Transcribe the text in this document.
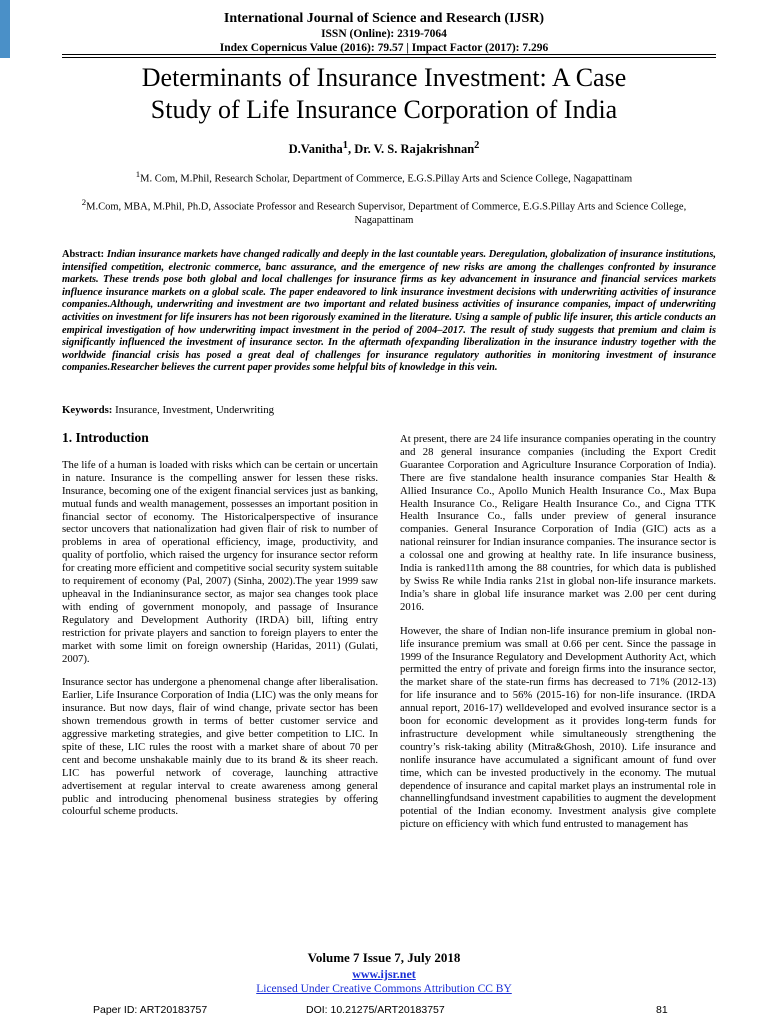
International Journal of Science and Research (IJSR)
ISSN (Online): 2319-7064
Index Copernicus Value (2016): 79.57 | Impact Factor (2017): 7.296
Determinants of Insurance Investment: A Case
Study of Life Insurance Corporation of India
D.Vanitha$^1$, Dr. V. S. Rajakrishnan$^2$
$^1$M. Com, M.Phil, Research Scholar, Department of Commerce, E.G.S.Pillay Arts and Science College, Nagapattinam
$^2$M.Com, MBA, M.Phil, Ph.D, Associate Professor and Research Supervisor, Department of Commerce, E.G.S.Pillay Arts and Science College, Nagapattinam
Abstract: Indian insurance markets have changed radically and deeply in the last countable years. Deregulation, globalization of insurance institutions, intensified competition, electronic commerce, banc assurance, and the emergence of new risks are among the challenges confronted by insurance markets. These trends pose both global and local challenges for insurance firms as key advancement in insurance and financial services markets influence insurance markets on a global scale. The paper endeavored to link insurance investment decisions with underwriting activities of insurance companies.Although, underwriting and investment are two important and related business activities of insurance companies, impact of underwriting activities on investment for life insurers has not been rigorously examined in the literature. Using a sample of public life insurer, this article conducts an empirical investigation of how underwriting impact investment in the period of 2004–2017. The result of study suggests that premium and claim is significantly influenced the investment of insurance sector. In the aftermath ofexpanding liberalization in the insurance industry together with the worldwide financial crisis has posed a great deal of challenges for insurance regulatory authorities in monitoring investment of insurance companies.Researcher believes the current paper provides some helpful bits of knowledge in this vein.
Keywords: Insurance, Investment, Underwriting
1. Introduction

The life of a human is loaded with risks which can be certain or uncertain in nature. Insurance is the compelling answer for lessen these risks. Insurance, becoming one of the exigent financial services just as banking, mutual funds and wealth management, possesses an important position in financial sector of economy. The Historicalperspective of insurance sector uncovers that nationalization had given flair of risk to number of problems in area of operational efficiency, image, productivity, and quality of portfolio, which raised the urgency for insurance sector reform for creating more efficient and competitive social security system suitable to requirement of economy (Pal, 2007) (Sinha, 2002).The year 1999 saw upheaval in the Indianinsurance sector, as major sea changes took place with ending of government monopoly, and passage of Insurance Regulatory and Development Authority (IRDA) bill, lifting entry restriction for private players and sanction to foreign players to enter the market with some limit on foreign ownership (Haridas, 2011) (Gulati, 2007).

Insurance sector has undergone a phenomenal change after liberalisation. Earlier, Life Insurance Corporation of India (LIC) was the only means for insurance. But now days, flair of wind change, private sector has been shown tremendous growth in terms of better customer service and aggressive marketing strategies, and give better competition to LIC. In spite of these, LIC rules the roost with a market share of about 70 per cent and become unshakable mainly due to its brand & its sheer reach. LIC has powerful network of coverage, launching attractive advertisement at regular interval to create awareness among general public and introducing phenomenal business strategies by offering colourful scheme products.

At present, there are 24 life insurance companies operating in the country and 28 general insurance companies (including the Export Credit Guarantee Corporation and Agriculture Insurance Corporation of India). There are five standalone health insurance companies Star Health & Allied Insurance Co., Apollo Munich Health Insurance Co., Max Bupa Health Insurance Co., Religare Health Insurance Co., and Cigna TTK Health Insurance Co., falls under preview of general insurance companies. General Insurance Corporation of India (GIC) acts as a national reinsurer for Indian insurance companies. The insurance sector is a colossal one and growing at healthy rate. In life insurance business, India is ranked11th among the 88 countries, for which data is published by Swiss Re while India ranks 21st in global non-life insurance markets. India’s share in global life insurance market was 2.00 per cent during 2016.

However, the share of Indian non-life insurance premium in global non-life insurance premium was small at 0.66 per cent. Since the passage in 1999 of the Insurance Regulatory and Development Authority Act, which permitted the entry of private and foreign firms into the insurance sector, the market share of the state-run firms has decreased to 71% (2012-13) for life insurance and to 56% (2015-16) for non-life insurance. (IRDA annual report, 2016-17) welldeveloped and evolved insurance sector is a boon for economic development as it provides long-term funds for infrastructure development while simultaneously strengthening the country’s risk-taking ability (Mitra&Ghosh, 2010). Life insurance and nonlife insurance have accumulated a significant amount of fund over time, which can be invested productively in the economy. The mutual dependence of insurance and capital market plays an instrumental role in channellingfundsand investment capabilities to augment the development potential of the Indian economy. Investment analysis give complete picture on efficiency with which fund entrusted to management has

Volume 7 Issue 7, July 2018
www.ijsr.net
Licensed Under Creative Commons Attribution CC BY
Paper ID: ART20183757	DOI: 10.21275/ART20183757	81
